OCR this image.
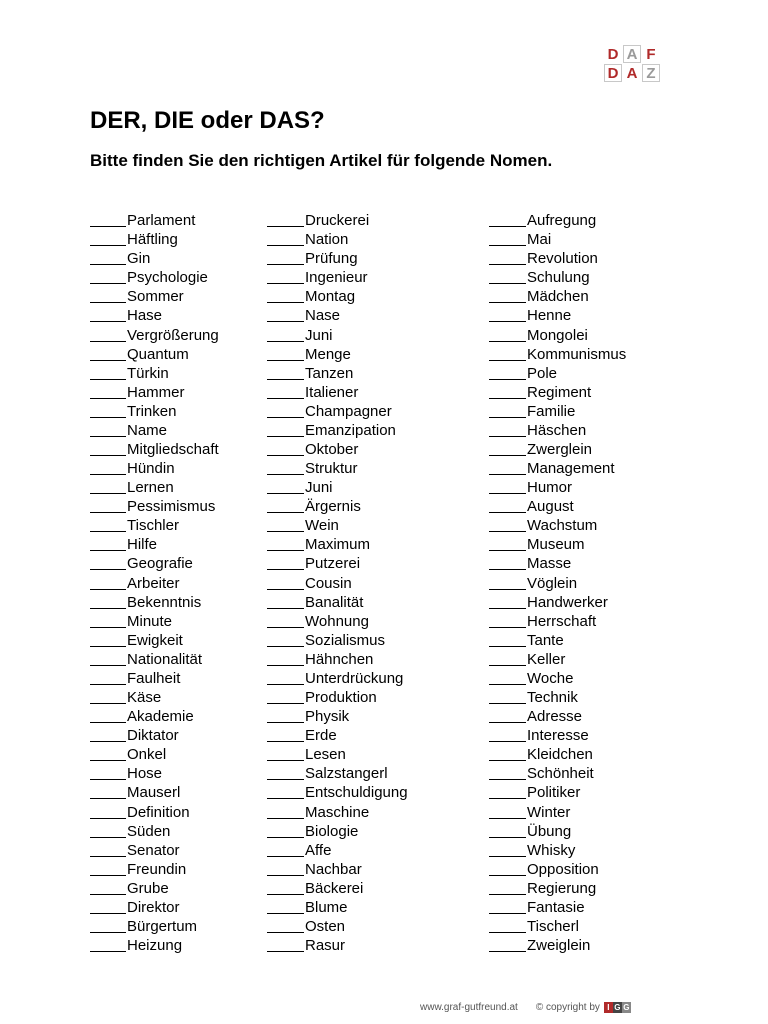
D A F
D A Z
DER, DIE oder DAS?
Bitte finden Sie den richtigen Artikel für folgende Nomen.
Parlament
Häftling
Gin
Psychologie
Sommer
Hase
Vergrößerung
Quantum
Türkin
Hammer
Trinken
Name
Mitgliedschaft
Hündin
Lernen
Pessimismus
Tischler
Hilfe
Geografie
Arbeiter
Bekenntnis
Minute
Ewigkeit
Nationalität
Faulheit
Käse
Akademie
Diktator
Onkel
Hose
Mauserl
Definition
Süden
Senator
Freundin
Grube
Direktor
Bürgertum
Heizung
Druckerei
Nation
Prüfung
Ingenieur
Montag
Nase
Juni
Menge
Tanzen
Italiener
Champagner
Emanzipation
Oktober
Struktur
Juni
Ärgernis
Wein
Maximum
Putzerei
Cousin
Banalität
Wohnung
Sozialismus
Hähnchen
Unterdrückung
Produktion
Physik
Erde
Lesen
Salzstangerl
Entschuldigung
Maschine
Biologie
Affe
Nachbar
Bäckerei
Blume
Osten
Rasur
Aufregung
Mai
Revolution
Schulung
Mädchen
Henne
Mongolei
Kommunismus
Pole
Regiment
Familie
Häschen
Zwerglein
Management
Humor
August
Wachstum
Museum
Masse
Vöglein
Handwerker
Herrschaft
Tante
Keller
Woche
Technik
Adresse
Interesse
Kleidchen
Schönheit
Politiker
Winter
Übung
Whisky
Opposition
Regierung
Fantasie
Tischerl
Zweiglein
www.graf-gutfreund.at © copyright by I G G
